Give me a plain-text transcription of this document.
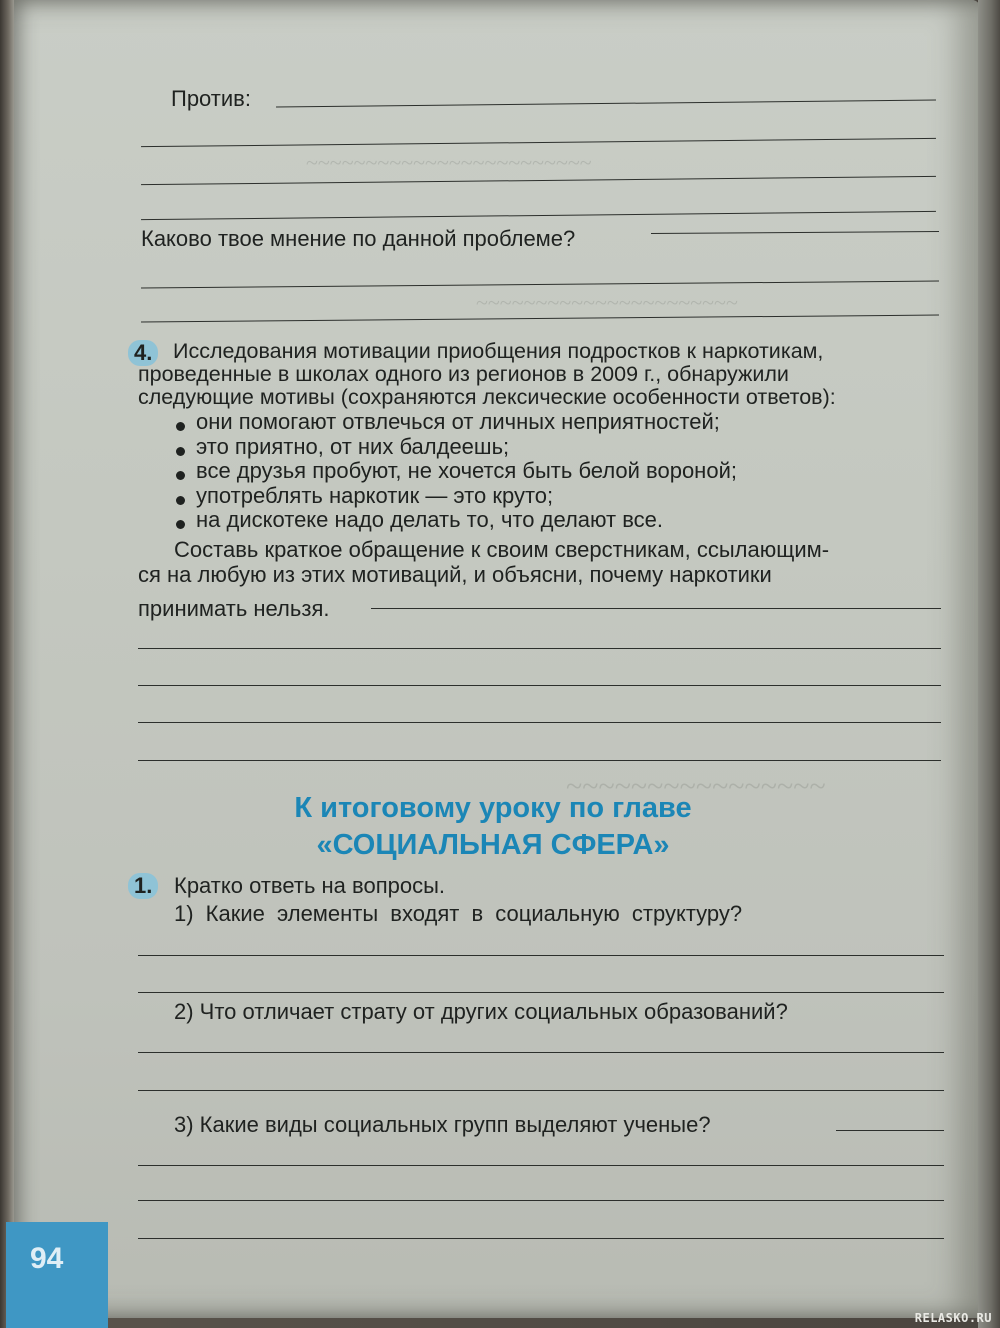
~~~~~~~~~~~~~~~~~~~~~~~~
~~~~~~~~~~~~~~~~~~~~~~
~~~~~~~~~~~~~~~~
Против:
Каково твое мнение по данной проблеме?
4. Исследования мотивации приобщения подростков к наркотикам,
проведенные в школах одного из регионов в 2009 г., обнаружили
следующие мотивы (сохраняются лексические особенности ответов):
они помогают отвлечься от личных неприятностей;
это приятно, от них балдеешь;
все друзья пробуют, не хочется быть белой вороной;
употреблять наркотик — это круто;
на дискотеке надо делать то, что делают все.
Составь краткое обращение к своим сверстникам, ссылающим-
ся на любую из этих мотиваций, и объясни, почему наркотики
принимать нельзя.
К итоговому уроку по главе
«СОЦИАЛЬНАЯ СФЕРА»
1. Кратко ответь на вопросы.
1) Какие элементы входят в социальную структуру?
2) Что отличает страту от других социальных образований?
3) Какие виды социальных групп выделяют ученые?
94
RELASKO.RU
